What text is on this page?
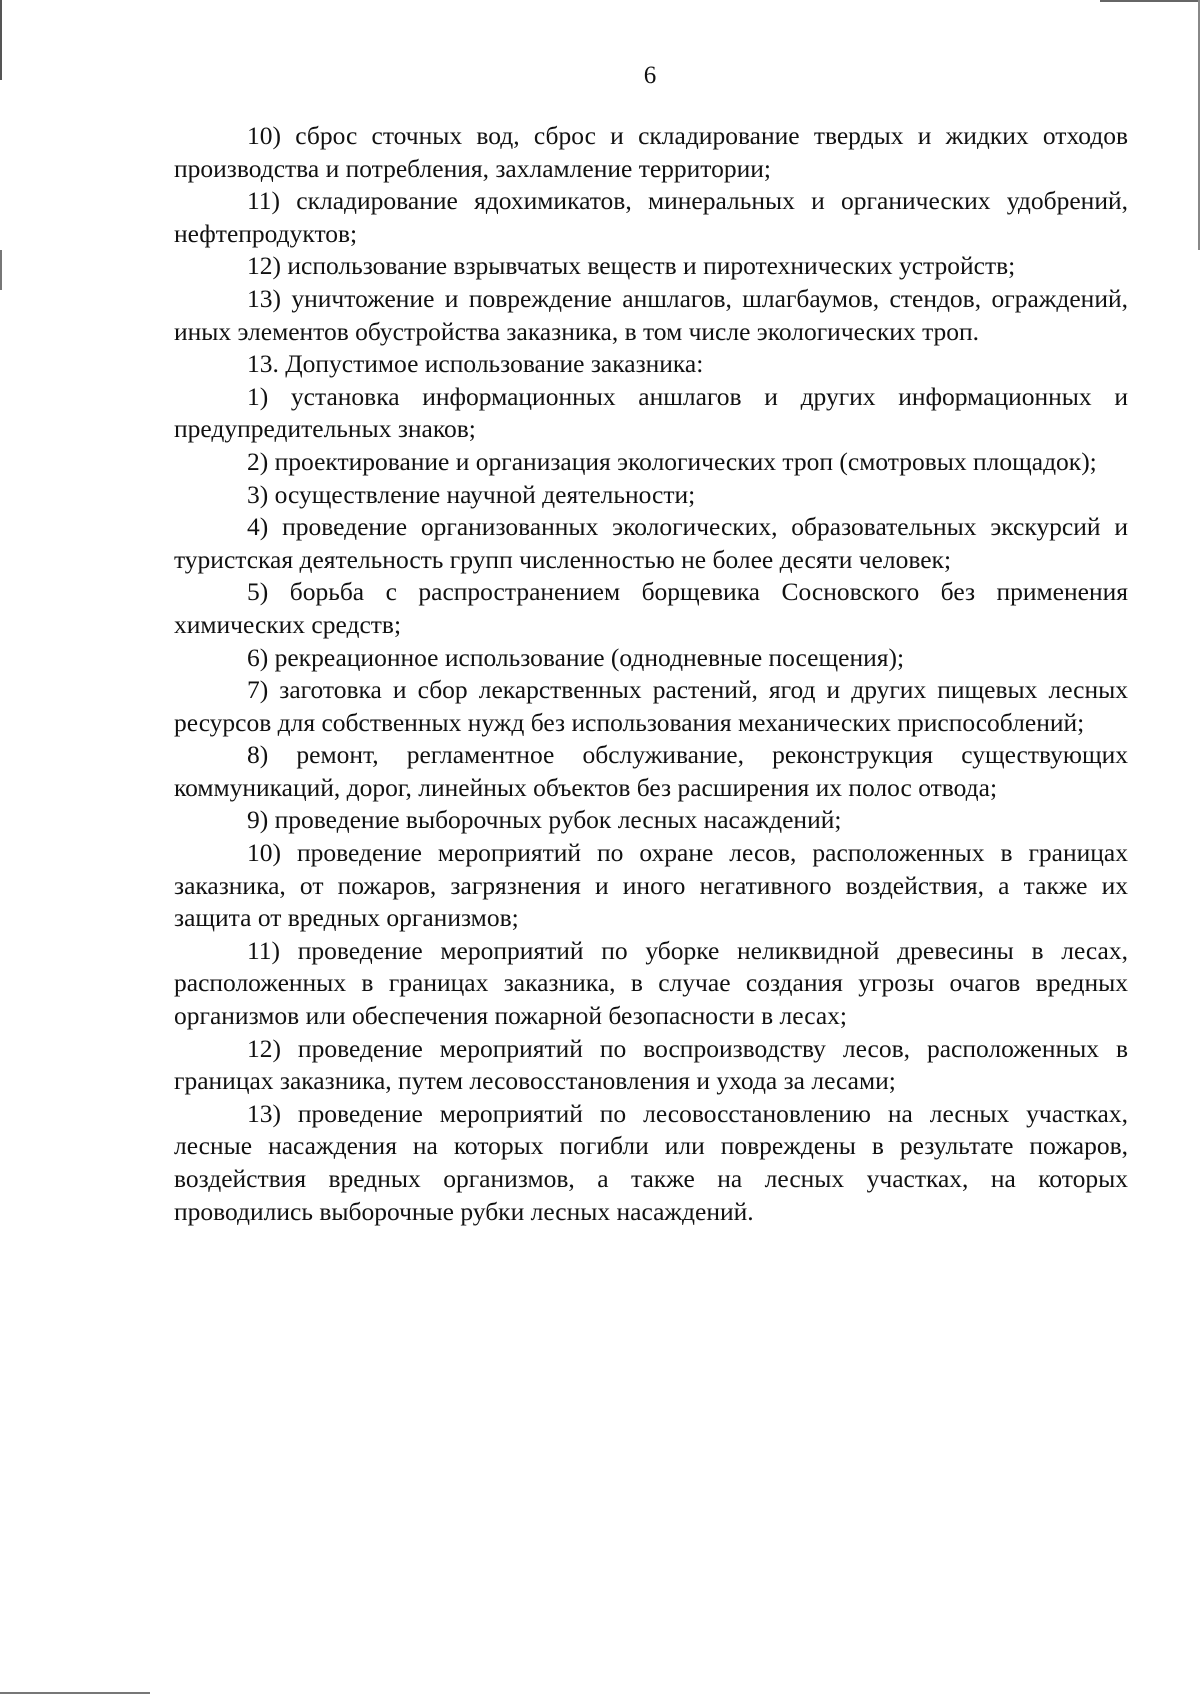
6

10) сброс сточных вод, сброс и складирование твердых и жидких отходов производства и потребления, захламление территории;

11) складирование ядохимикатов, минеральных и органических удобрений, нефтепродуктов;

12) использование взрывчатых веществ и пиротехнических устройств;

13) уничтожение и повреждение аншлагов, шлагбаумов, стендов, ограждений, иных элементов обустройства заказника, в том числе экологических троп.

13. Допустимое использование заказника:

1) установка информационных аншлагов и других информационных и предупредительных знаков;

2) проектирование и организация экологических троп (смотровых площадок);

3) осуществление научной деятельности;

4) проведение организованных экологических, образовательных экскурсий и туристская деятельность групп численностью не более десяти человек;

5) борьба с распространением борщевика Сосновского без применения химических средств;

6) рекреационное использование (однодневные посещения);

7) заготовка и сбор лекарственных растений, ягод и других пищевых лесных ресурсов для собственных нужд без использования механических приспособлений;

8) ремонт, регламентное обслуживание, реконструкция существующих коммуникаций, дорог, линейных объектов без расширения их полос отвода;

9) проведение выборочных рубок лесных насаждений;

10) проведение мероприятий по охране лесов, расположенных в границах заказника, от пожаров, загрязнения и иного негативного воздействия, а также их защита от вредных организмов;

11) проведение мероприятий по уборке неликвидной древесины в лесах, расположенных в границах заказника, в случае создания угрозы очагов вредных организмов или обеспечения пожарной безопасности в лесах;

12) проведение мероприятий по воспроизводству лесов, расположенных в границах заказника, путем лесовосстановления и ухода за лесами;

13) проведение мероприятий по лесовосстановлению на лесных участках, лесные насаждения на которых погибли или повреждены в результате пожаров, воздействия вредных организмов, а также на лесных участках, на которых проводились выборочные рубки лесных насаждений.
